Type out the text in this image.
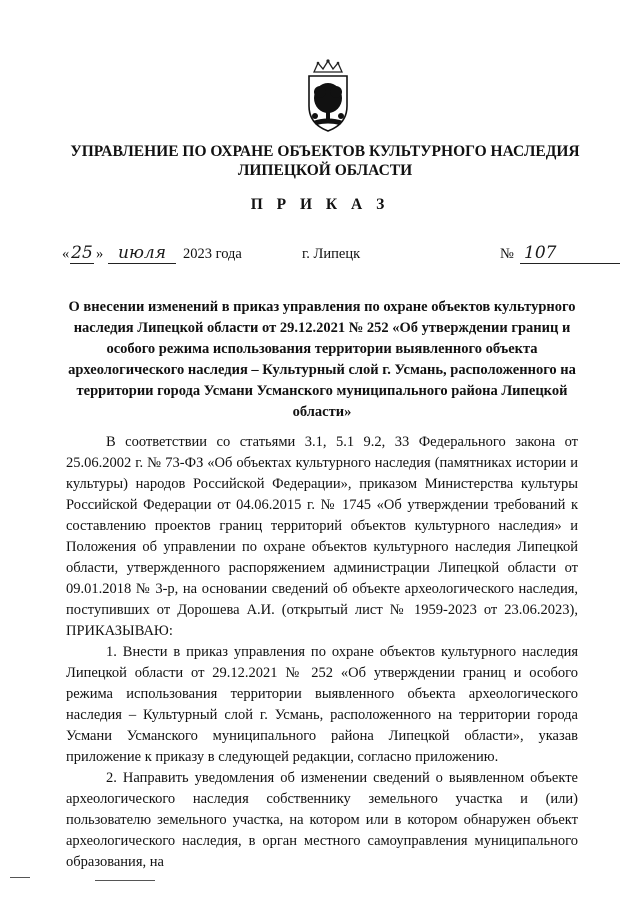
УПРАВЛЕНИЕ ПО ОХРАНЕ ОБЪЕКТОВ КУЛЬТУРНОГО НАСЛЕДИЯ
ЛИПЕЦКОЙ ОБЛАСТИ
П Р И К А З
« 25 » июля	2023 года	г. Липецк	№ 107
О внесении изменений в приказ управления по охране объектов культурного наследия Липецкой области от 29.12.2021 № 252 «Об утверждении границ и особого режима использования территории выявленного объекта археологического наследия – Культурный слой г. Усмань, расположенного на территории города Усмани Усманского муниципального района Липецкой области»

В соответствии со статьями 3.1, 5.1 9.2, 33 Федерального закона от 25.06.2002 г. № 73-ФЗ «Об объектах культурного наследия (памятниках истории и культуры) народов Российской Федерации», приказом Министерства культуры Российской Федерации от 04.06.2015 г. № 1745 «Об утверждении требований к составлению проектов границ территорий объектов культурного наследия» и Положения об управлении по охране объектов культурного наследия Липецкой области, утвержденного распоряжением администрации Липецкой области от 09.01.2018 № 3-р, на основании сведений об объекте археологического наследия, поступивших от Дорошева А.И. (открытый лист № 1959-2023 от 23.06.2023), ПРИКАЗЫВАЮ:

1. Внести в приказ управления по охране объектов культурного наследия Липецкой области от 29.12.2021 № 252 «Об утверждении границ и особого режима использования территории выявленного объекта археологического наследия – Культурный слой г. Усмань, расположенного на территории города Усмани Усманского муниципального района Липецкой области», указав приложение к приказу в следующей редакции, согласно приложению.

2. Направить уведомления об изменении сведений о выявленном объекте археологического наследия собственнику земельного участка и (или) пользователю земельного участка, на котором или в котором обнаружен объект археологического наследия, в орган местного самоуправления муниципального образования, на
